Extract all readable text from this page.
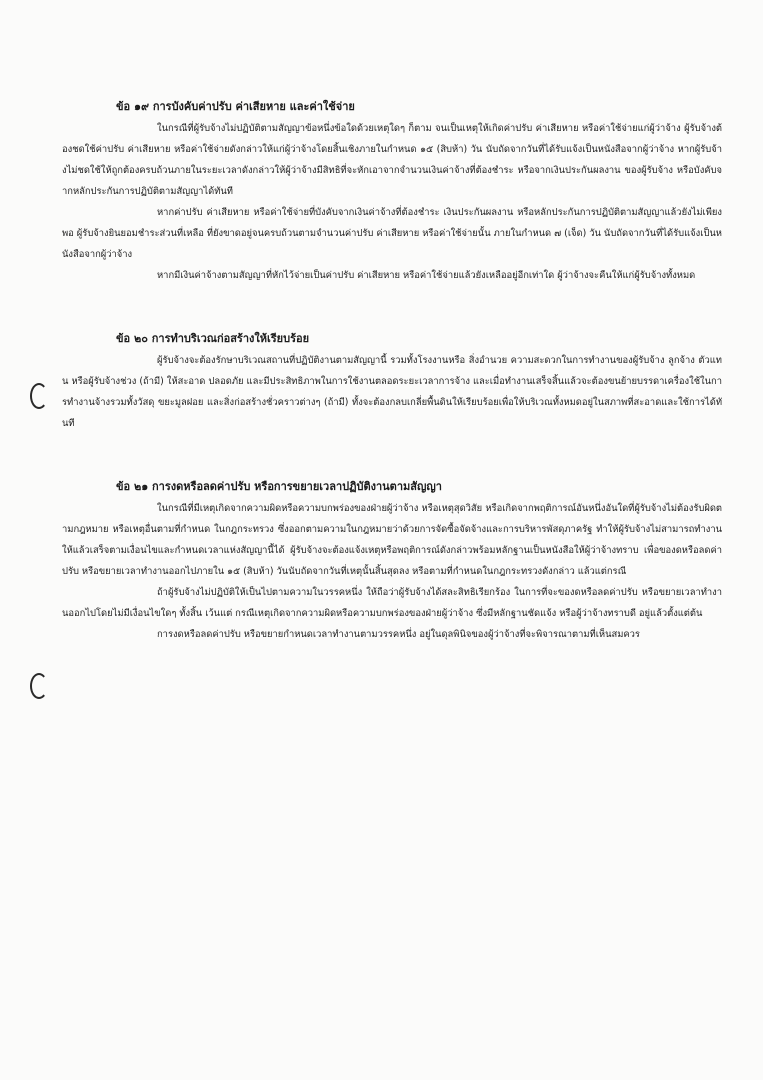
ข้อ ๑๙ การบังคับค่าปรับ ค่าเสียหาย และค่าใช้จ่าย

ในกรณีที่ผู้รับจ้างไม่ปฏิบัติตามสัญญาข้อหนึ่งข้อใดด้วยเหตุใดๆ ก็ตาม จนเป็นเหตุให้เกิดค่าปรับ ค่าเสียหาย หรือค่าใช้จ่ายแก่ผู้ว่าจ้าง ผู้รับจ้างต้องชดใช้ค่าปรับ ค่าเสียหาย หรือค่าใช้จ่ายดังกล่าวให้แก่ผู้ว่าจ้างโดยสิ้นเชิงภายในกำหนด ๑๕ (สิบห้า) วัน นับถัดจากวันที่ได้รับแจ้งเป็นหนังสือจากผู้ว่าจ้าง หากผู้รับจ้างไม่ชดใช้ให้ถูกต้องครบถ้วนภายในระยะเวลาดังกล่าวให้ผู้ว่าจ้างมีสิทธิที่จะหักเอาจากจำนวนเงินค่าจ้างที่ต้องชำระ หรือจากเงินประกันผลงาน ของผู้รับจ้าง หรือบังคับจากหลักประกันการปฏิบัติตามสัญญาได้ทันที

หากค่าปรับ ค่าเสียหาย หรือค่าใช้จ่ายที่บังคับจากเงินค่าจ้างที่ต้องชำระ เงินประกันผลงาน หรือหลักประกันการปฏิบัติตามสัญญาแล้วยังไม่เพียงพอ ผู้รับจ้างยินยอมชำระส่วนที่เหลือ ที่ยังขาดอยู่จนครบถ้วนตามจำนวนค่าปรับ ค่าเสียหาย หรือค่าใช้จ่ายนั้น ภายในกำหนด ๗ (เจ็ด) วัน นับถัดจากวันที่ได้รับแจ้งเป็นหนังสือจากผู้ว่าจ้าง

หากมีเงินค่าจ้างตามสัญญาที่หักไว้จ่ายเป็นค่าปรับ ค่าเสียหาย หรือค่าใช้จ่ายแล้วยังเหลืออยู่อีกเท่าใด ผู้ว่าจ้างจะคืนให้แก่ผู้รับจ้างทั้งหมด

ข้อ ๒๐ การทำบริเวณก่อสร้างให้เรียบร้อย

ผู้รับจ้างจะต้องรักษาบริเวณสถานที่ปฏิบัติงานตามสัญญานี้ รวมทั้งโรงงานหรือ สิ่งอำนวย ความสะดวกในการทำงานของผู้รับจ้าง ลูกจ้าง ตัวแทน หรือผู้รับจ้างช่วง (ถ้ามี) ให้สะอาด ปลอดภัย และมีประสิทธิภาพในการใช้งานตลอดระยะเวลาการจ้าง และเมื่อทำงานเสร็จสิ้นแล้วจะต้องขนย้ายบรรดาเครื่องใช้ในการทำงานจ้างรวมทั้งวัสดุ ขยะมูลฝอย และสิ่งก่อสร้างชั่วคราวต่างๆ (ถ้ามี) ทั้งจะต้องกลบเกลี่ยพื้นดินให้เรียบร้อยเพื่อให้บริเวณทั้งหมดอยู่ในสภาพที่สะอาดและใช้การได้ทันที

ข้อ ๒๑ การงดหรือลดค่าปรับ หรือการขยายเวลาปฏิบัติงานตามสัญญา

ในกรณีที่มีเหตุเกิดจากความผิดหรือความบกพร่องของฝ่ายผู้ว่าจ้าง หรือเหตุสุดวิสัย หรือเกิดจากพฤติการณ์อันหนึ่งอันใดที่ผู้รับจ้างไม่ต้องรับผิดตามกฎหมาย หรือเหตุอื่นตามที่กำหนด ในกฎกระทรวง ซึ่งออกตามความในกฎหมายว่าด้วยการจัดซื้อจัดจ้างและการบริหารพัสดุภาครัฐ ทำให้ผู้รับจ้างไม่สามารถทำงานให้แล้วเสร็จตามเงื่อนไขและกำหนดเวลาแห่งสัญญานี้ได้ ผู้รับจ้างจะต้องแจ้งเหตุหรือพฤติการณ์ดังกล่าวพร้อมหลักฐานเป็นหนังสือให้ผู้ว่าจ้างทราบ เพื่อของดหรือลดค่าปรับ หรือขยายเวลาทำงานออกไปภายใน ๑๕ (สิบห้า) วันนับถัดจากวันที่เหตุนั้นสิ้นสุดลง หรือตามที่กำหนดในกฎกระทรวงดังกล่าว แล้วแต่กรณี

ถ้าผู้รับจ้างไม่ปฏิบัติให้เป็นไปตามความในวรรคหนึ่ง ให้ถือว่าผู้รับจ้างได้สละสิทธิเรียกร้อง ในการที่จะของดหรือลดค่าปรับ หรือขยายเวลาทำงานออกไปโดยไม่มีเงื่อนไขใดๆ ทั้งสิ้น เว้นแต่ กรณีเหตุเกิดจากความผิดหรือความบกพร่องของฝ่ายผู้ว่าจ้าง ซึ่งมีหลักฐานชัดแจ้ง หรือผู้ว่าจ้างทราบดี อยู่แล้วตั้งแต่ต้น

การงดหรือลดค่าปรับ หรือขยายกำหนดเวลาทำงานตามวรรคหนึ่ง อยู่ในดุลพินิจของผู้ว่าจ้างที่จะพิจารณาตามที่เห็นสมควร
